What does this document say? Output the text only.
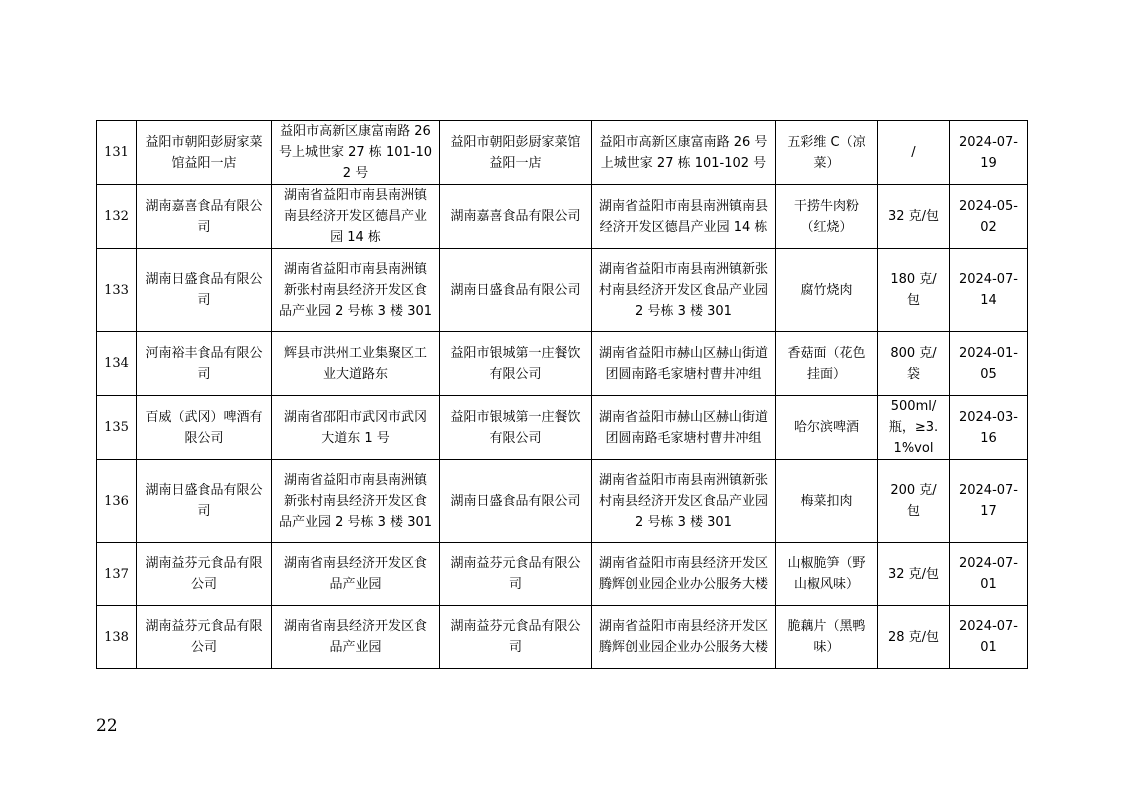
131	益阳市朝阳彭厨家菜馆益阳一店	益阳市高新区康富南路 26 号上城世家 27 栋 101-102 号	益阳市朝阳彭厨家菜馆益阳一店	益阳市高新区康富南路 26 号上城世家 27 栋 101-102 号	五彩维 C（凉菜）	/	2024-07-19
132	湖南嘉喜食品有限公司	湖南省益阳市南县南洲镇南县经济开发区德昌产业园 14 栋	湖南嘉喜食品有限公司	湖南省益阳市南县南洲镇南县经济开发区德昌产业园 14 栋	干捞牛肉粉（红烧）	32 克/包	2024-05-02
133	湖南日盛食品有限公司	湖南省益阳市南县南洲镇新张村南县经济开发区食品产业园 2 号栋 3 楼 301	湖南日盛食品有限公司	湖南省益阳市南县南洲镇新张村南县经济开发区食品产业园 2 号栋 3 楼 301	腐竹烧肉	180 克/包	2024-07-14
134	河南裕丰食品有限公司	辉县市洪州工业集聚区工业大道路东	益阳市银城第一庄餐饮有限公司	湖南省益阳市赫山区赫山街道团圆南路毛家塘村曹井冲组	香菇面（花色挂面）	800 克/袋	2024-01-05
135	百威（武冈）啤酒有限公司	湖南省邵阳市武冈市武冈大道东 1 号	益阳市银城第一庄餐饮有限公司	湖南省益阳市赫山区赫山街道团圆南路毛家塘村曹井冲组	哈尔滨啤酒	500ml/瓶，≥3.1%vol	2024-03-16
136	湖南日盛食品有限公司	湖南省益阳市南县南洲镇新张村南县经济开发区食品产业园 2 号栋 3 楼 301	湖南日盛食品有限公司	湖南省益阳市南县南洲镇新张村南县经济开发区食品产业园 2 号栋 3 楼 301	梅菜扣肉	200 克/包	2024-07-17
137	湖南益芬元食品有限公司	湖南省南县经济开发区食品产业园	湖南益芬元食品有限公司	湖南省益阳市南县经济开发区腾辉创业园企业办公服务大楼	山椒脆笋（野山椒风味）	32 克/包	2024-07-01
138	湖南益芬元食品有限公司	湖南省南县经济开发区食品产业园	湖南益芬元食品有限公司	湖南省益阳市南县经济开发区腾辉创业园企业办公服务大楼	脆藕片（黑鸭味）	28 克/包	2024-07-01
22
